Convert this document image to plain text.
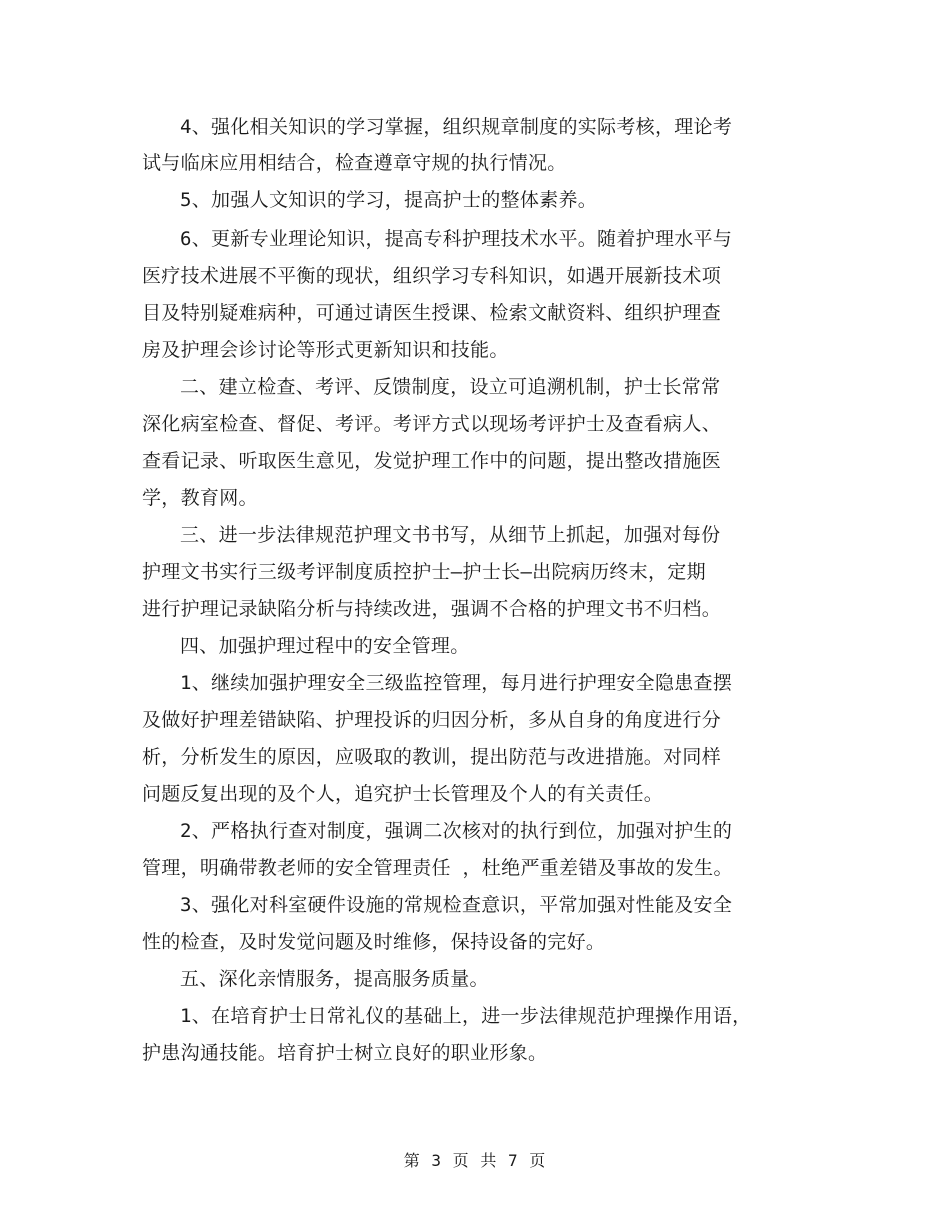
4、强化相关知识的学习掌握，组织规章制度的实际考核，理论考
试与临床应用相结合，检查遵章守规的执行情况。
5、加强人文知识的学习，提高护士的整体素养。
6、更新专业理论知识，提高专科护理技术水平。随着护理水平与
医疗技术进展不平衡的现状，组织学习专科知识，如遇开展新技术项
目及特别疑难病种，可通过请医生授课、检索文献资料、组织护理查
房及护理会诊讨论等形式更新知识和技能。
二、建立检查、考评、反馈制度，设立可追溯机制，护士长常常
深化病室检查、督促、考评。考评方式以现场考评护士及查看病人、
查看记录、听取医生意见，发觉护理工作中的问题，提出整改措施医
学，教育网。
三、进一步法律规范护理文书书写，从细节上抓起，加强对每份
护理文书实行三级考评制度质控护士—护士长—出院病历终末，定期
进行护理记录缺陷分析与持续改进，强调不合格的护理文书不归档。
四、加强护理过程中的安全管理。
1、继续加强护理安全三级监控管理，每月进行护理安全隐患查摆
及做好护理差错缺陷、护理投诉的归因分析，多从自身的角度进行分
析，分析发生的原因，应吸取的教训，提出防范与改进措施。对同样
问题反复出现的及个人，追究护士长管理及个人的有关责任。
2、严格执行查对制度，强调二次核对的执行到位，加强对护生的
管理，明确带教老师的安全管理责任 ，杜绝严重差错及事故的发生。
3、强化对科室硬件设施的常规检查意识，平常加强对性能及安全
性的检查，及时发觉问题及时维修，保持设备的完好。
五、深化亲情服务，提高服务质量。
1、在培育护士日常礼仪的基础上，进一步法律规范护理操作用语，
护患沟通技能。培育护士树立良好的职业形象。
第 3 页 共 7 页
